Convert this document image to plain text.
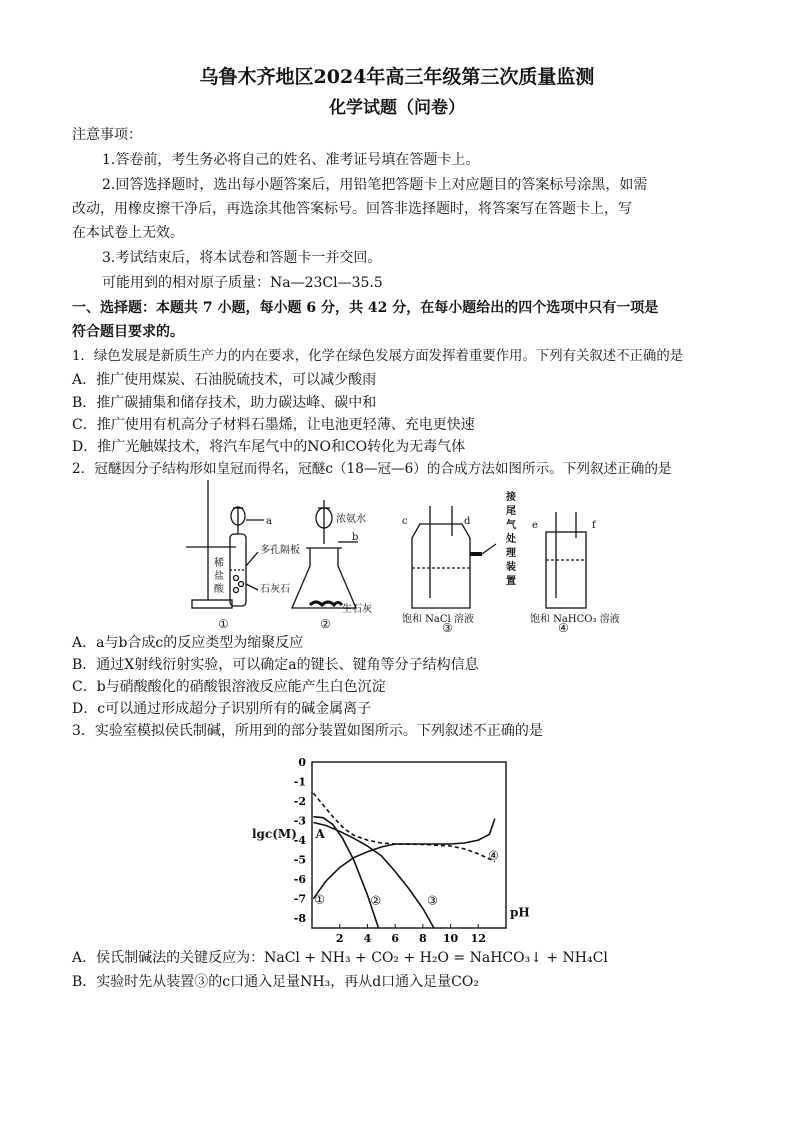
乌鲁木齐地区2024年高三年级第三次质量监测
化学试题（问卷）
注意事项：
1.答卷前，考生务必将自己的姓名、准考证号填在答题卡上。
2.回答选择题时，选出每小题答案后，用铅笔把答题卡上对应题目的答案标号涂黑，如需
改动，用橡皮擦干净后，再选涂其他答案标号。回答非选择题时，将答案写在答题卡上，写
在本试卷上无效。
3.考试结束后，将本试卷和答题卡一并交回。
可能用到的相对原子质量：Na—23Cl—35.5
一、选择题：本题共 7 小题，每小题 6 分，共 42 分，在每小题给出的四个选项中只有一项是
符合题目要求的。
1．绿色发展是新质生产力的内在要求，化学在绿色发展方面发挥着重要作用。下列有关叙述不正确的是
A．推广使用煤炭、石油脱硫技术，可以减少酸雨
B．推广碳捕集和储存技术，助力碳达峰、碳中和
C．推广使用有机高分子材料石墨烯，让电池更轻薄、充电更快速
D．推广光触媒技术，将汽车尾气中的NO和CO转化为无毒气体
2．冠醚因分子结构形如皇冠而得名，冠醚c（18—冠—6）的合成方法如图所示。下列叙述正确的是
a
多孔隔板
石灰石
①
浓氨水
b
生石灰
②
c	d
饱和 NaCl 溶液
③
e	f
饱和 NaHCO₃ 溶液
④
接 尾 气 处 理 装 置
稀 盐 酸
A．a与b合成c的反应类型为缩聚反应
B．通过X射线衍射实验，可以确定a的键长、键角等分子结构信息
C．b与硝酸酸化的硝酸银溶液反应能产生白色沉淀
D．c可以通过形成超分子识别所有的碱金属离子
3．实验室模拟侯氏制碱，所用到的部分装置如图所示。下列叙述不正确的是
0
-1
-2
-3
-4
-5
-6
-7
-8
2 4 6 8 10 12
①	②	③
④
lgc(M)
pH
A
A．侯氏制碱法的关键反应为：NaCl + NH₃ + CO₂ + H₂O = NaHCO₃↓ + NH₄Cl
B．实验时先从装置③的c口通入足量NH₃，再从d口通入足量CO₂
